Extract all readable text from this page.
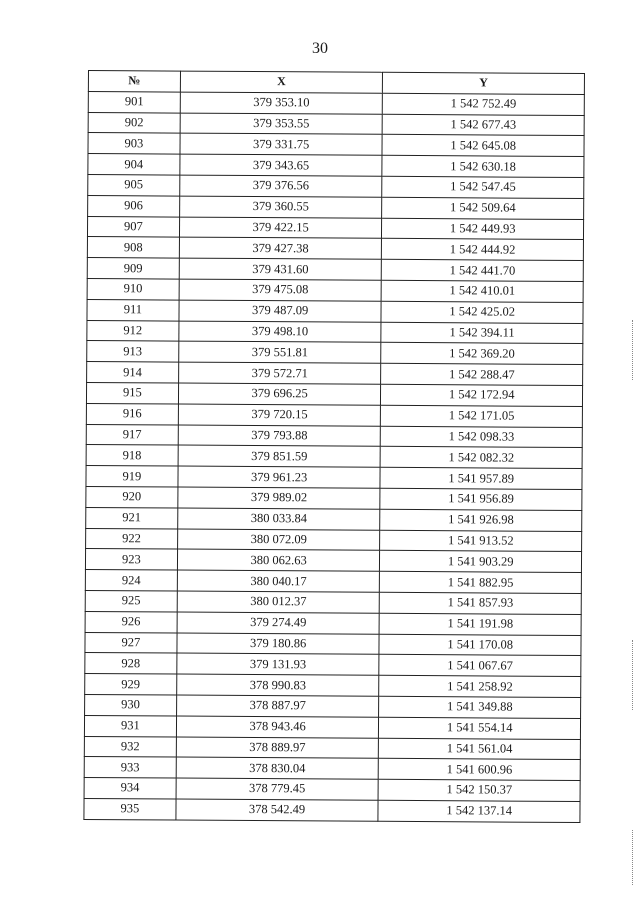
30
№	X	Y
901	379 353.10	1 542 752.49
902	379 353.55	1 542 677.43
903	379 331.75	1 542 645.08
904	379 343.65	1 542 630.18
905	379 376.56	1 542 547.45
906	379 360.55	1 542 509.64
907	379 422.15	1 542 449.93
908	379 427.38	1 542 444.92
909	379 431.60	1 542 441.70
910	379 475.08	1 542 410.01
911	379 487.09	1 542 425.02
912	379 498.10	1 542 394.11
913	379 551.81	1 542 369.20
914	379 572.71	1 542 288.47
915	379 696.25	1 542 172.94
916	379 720.15	1 542 171.05
917	379 793.88	1 542 098.33
918	379 851.59	1 542 082.32
919	379 961.23	1 541 957.89
920	379 989.02	1 541 956.89
921	380 033.84	1 541 926.98
922	380 072.09	1 541 913.52
923	380 062.63	1 541 903.29
924	380 040.17	1 541 882.95
925	380 012.37	1 541 857.93
926	379 274.49	1 541 191.98
927	379 180.86	1 541 170.08
928	379 131.93	1 541 067.67
929	378 990.83	1 541 258.92
930	378 887.97	1 541 349.88
931	378 943.46	1 541 554.14
932	378 889.97	1 541 561.04
933	378 830.04	1 541 600.96
934	378 779.45	1 542 150.37
935	378 542.49	1 542 137.14
